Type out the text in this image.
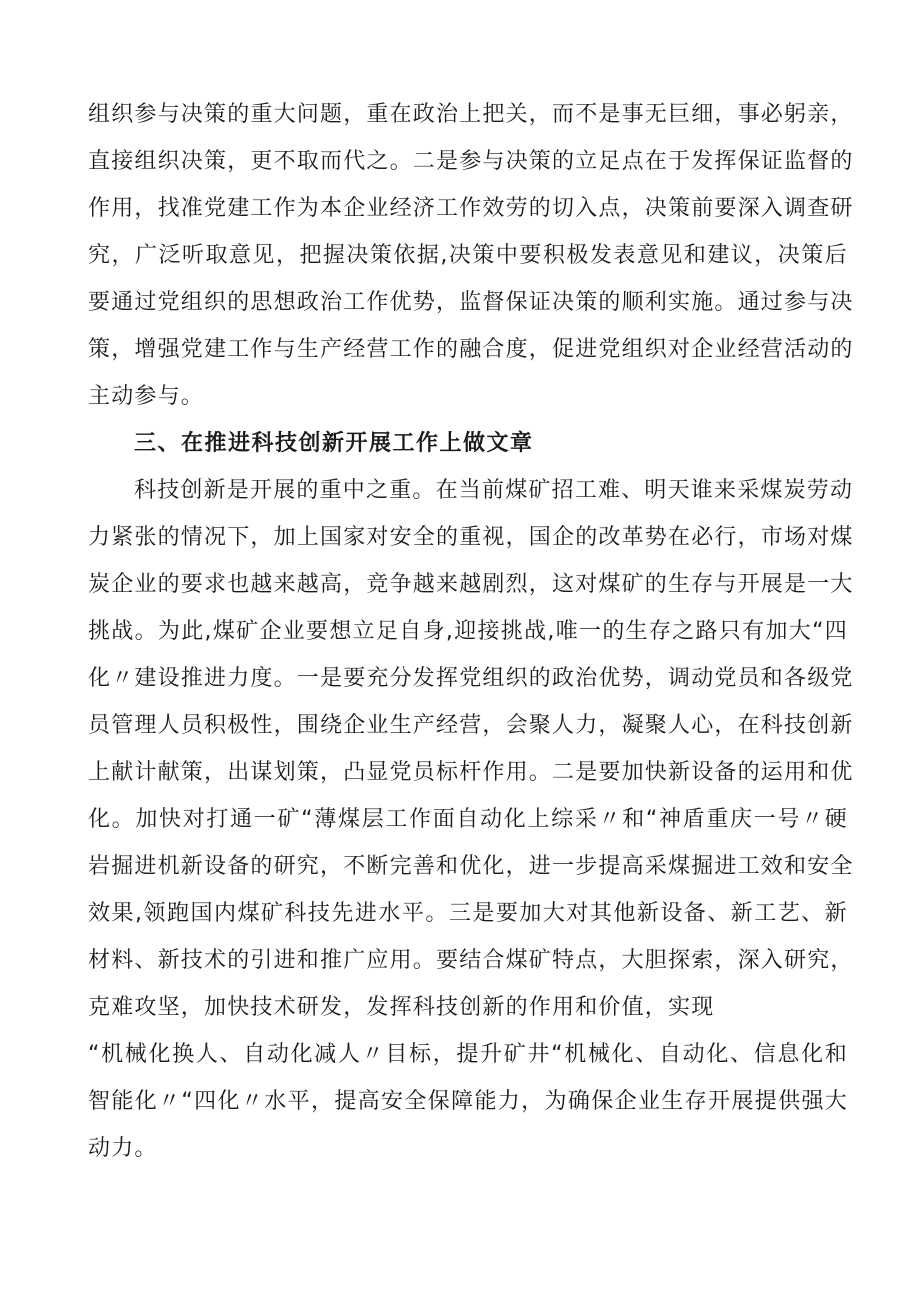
组织参与决策的重大问题，重在政治上把关，而不是事无巨细，事必躬亲，
直接组织决策，更不取而代之。二是参与决策的立足点在于发挥保证监督的
作用，找准党建工作为本企业经济工作效劳的切入点，决策前要深入调查研
究，广泛听取意见，把握决策依据,决策中要积极发表意见和建议，决策后
要通过党组织的思想政治工作优势，监督保证决策的顺利实施。通过参与决
策，增强党建工作与生产经营工作的融合度，促进党组织对企业经营活动的
主动参与。
三、在推进科技创新开展工作上做文章
科技创新是开展的重中之重。在当前煤矿招工难、明天谁来采煤炭劳动
力紧张的情况下，加上国家对安全的重视，国企的改革势在必行，市场对煤
炭企业的要求也越来越高，竞争越来越剧烈，这对煤矿的生存与开展是一大
挑战。为此,煤矿企业要想立足自身,迎接挑战,唯一的生存之路只有加大“四
化〃建设推进力度。一是要充分发挥党组织的政治优势，调动党员和各级党
员管理人员积极性，围绕企业生产经营，会聚人力，凝聚人心，在科技创新
上献计献策，出谋划策，凸显党员标杆作用。二是要加快新设备的运用和优
化。加快对打通一矿“薄煤层工作面自动化上综采〃和“神盾重庆一号〃硬
岩掘进机新设备的研究，不断完善和优化，进一步提高采煤掘进工效和安全
效果,领跑国内煤矿科技先进水平。三是要加大对其他新设备、新工艺、新
材料、新技术的引进和推广应用。要结合煤矿特点，大胆探索，深入研究，
克难攻坚，加快技术研发，发挥科技创新的作用和价值，实现
“机械化换人、自动化减人〃目标，提升矿井“机械化、自动化、信息化和
智能化〃“四化〃水平，提高安全保障能力，为确保企业生存开展提供强大
动力。
